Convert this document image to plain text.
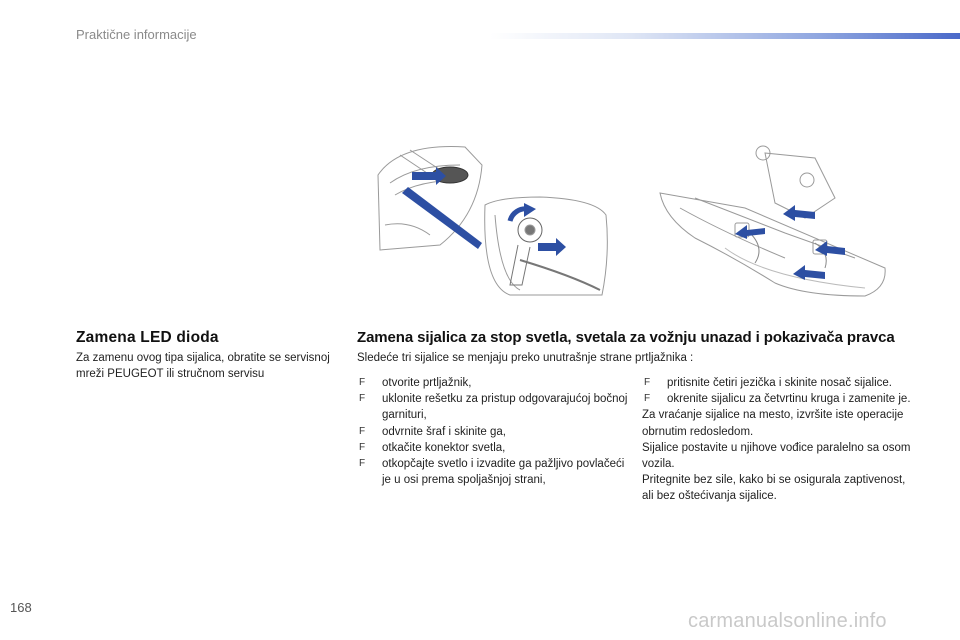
Praktične informacije
Zamena LED dioda
Za zamenu ovog tipa sijalica, obratite se servisnoj mreži PEUGEOT ili stručnom servisu
Zamena sijalica za stop svetla, svetala za vožnju unazad i pokazivača pravca
Sledeće tri sijalice se menjaju preko unutrašnje strane prtljažnika :
F otvorite prtljažnik,
F uklonite rešetku za pristup odgovarajućoj bočnoj garnituri,
F odvrnite šraf i skinite ga,
F otkačite konektor svetla,
F otkopčajte svetlo i izvadite ga pažljivo povlačeći je u osi prema spoljašnjoj strani,
F pritisnite četiri jezička i skinite nosač sijalice.
F okrenite sijalicu za četvrtinu kruga i zamenite je.
Za vraćanje sijalice na mesto, izvršite iste operacije obrnutim redosledom.
Sijalice postavite u njihove vođice paralelno sa osom vozila.
Pritegnite bez sile, kako bi se osigurala zaptivenost, ali bez oštećivanja sijalice.
168
carmanualsonline.info
